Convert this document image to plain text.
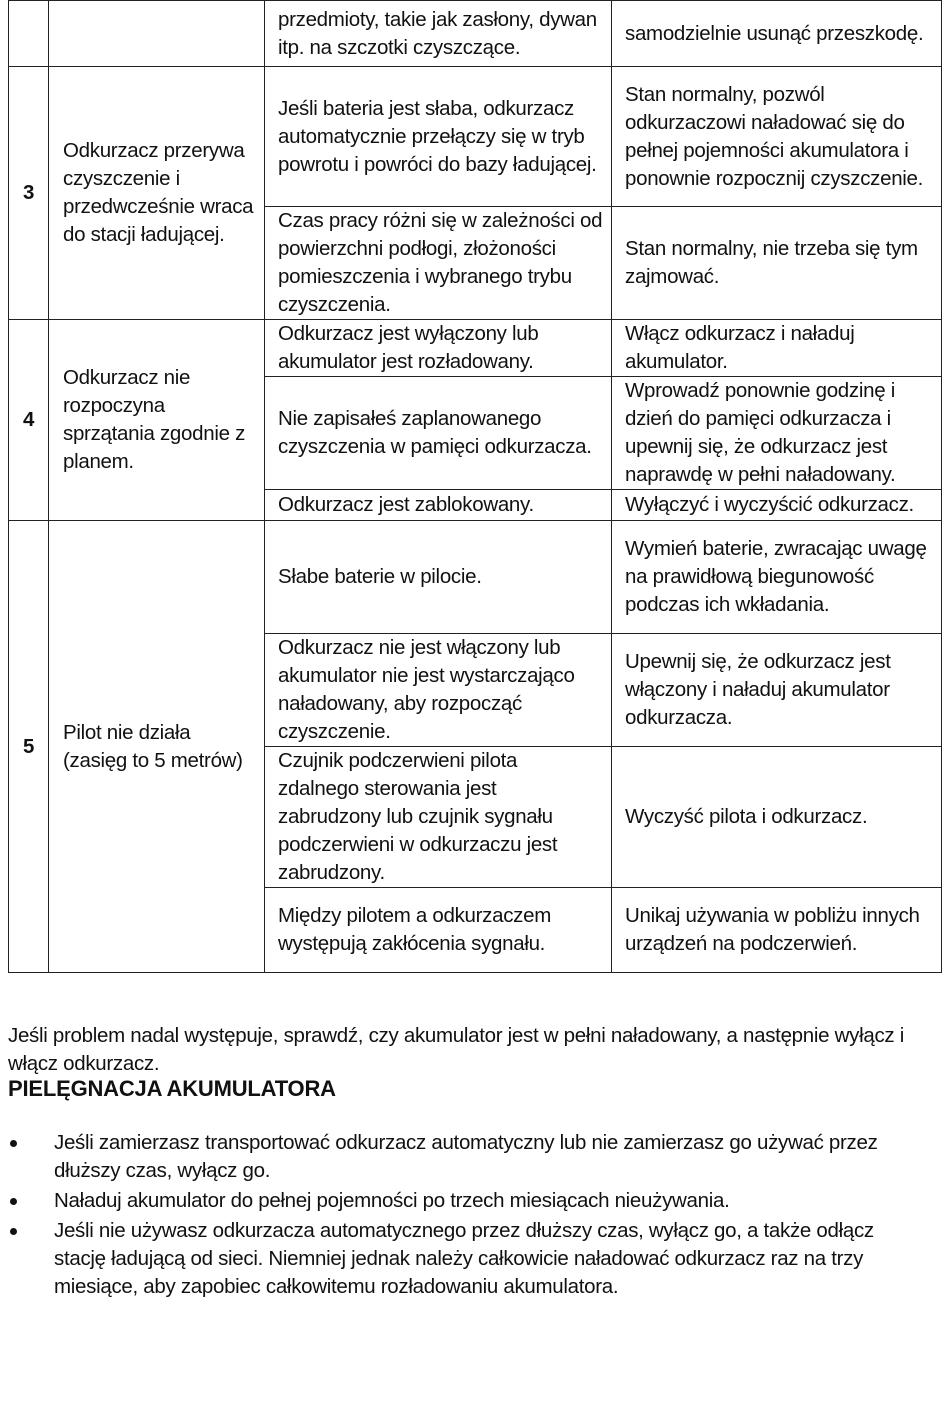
		przedmioty, takie jak zasłony, dywan itp. na szczotki czyszczące.	samodzielnie usunąć przeszkodę.

3	Odkurzacz przerywa czyszczenie i przedwcześnie wraca do stacji ładującej.	Jeśli bateria jest słaba, odkurzacz automatycznie przełączy się w tryb powrotu i powróci do bazy ładującej.	Stan normalny, pozwól odkurzaczowi naładować się do pełnej pojemności akumulatora i ponownie rozpocznij czyszczenie.

		Czas pracy różni się w zależności od powierzchni podłogi, złożoności pomieszczenia i wybranego trybu czyszczenia.	Stan normalny, nie trzeba się tym zajmować.

4	Odkurzacz nie rozpoczyna sprzątania zgodnie z planem.	Odkurzacz jest wyłączony lub akumulator jest rozładowany.	Włącz odkurzacz i naładuj akumulator.

		Nie zapisałeś zaplanowanego czyszczenia w pamięci odkurzacza.	Wprowadź ponownie godzinę i dzień do pamięci odkurzacza i upewnij się, że odkurzacz jest naprawdę w pełni naładowany.

		Odkurzacz jest zablokowany.	Wyłączyć i wyczyścić odkurzacz.

5	Pilot nie działa (zasięg to 5 metrów)	Słabe baterie w pilocie.	Wymień baterie, zwracając uwagę na prawidłową biegunowość podczas ich wkładania.

		Odkurzacz nie jest włączony lub akumulator nie jest wystarczająco naładowany, aby rozpocząć czyszczenie.	Upewnij się, że odkurzacz jest włączony i naładuj akumulator odkurzacza.

		Czujnik podczerwieni pilota zdalnego sterowania jest zabrudzony lub czujnik sygnału podczerwieni w odkurzaczu jest zabrudzony.	Wyczyść pilota i odkurzacz.

		Między pilotem a odkurzaczem występują zakłócenia sygnału.	Unikaj używania w pobliżu innych urządzeń na podczerwień.

Jeśli problem nadal występuje, sprawdź, czy akumulator jest w pełni naładowany, a następnie wyłącz i włącz odkurzacz.

PIELĘGNACJA AKUMULATORA
Jeśli zamierzasz transportować odkurzacz automatyczny lub nie zamierzasz go używać przez dłuższy czas, wyłącz go.
Naładuj akumulator do pełnej pojemności po trzech miesiącach nieużywania.
Jeśli nie używasz odkurzacza automatycznego przez dłuższy czas, wyłącz go, a także odłącz stację ładującą od sieci. Niemniej jednak należy całkowicie naładować odkurzacz raz na trzy miesiące, aby zapobiec całkowitemu rozładowaniu akumulatora.
